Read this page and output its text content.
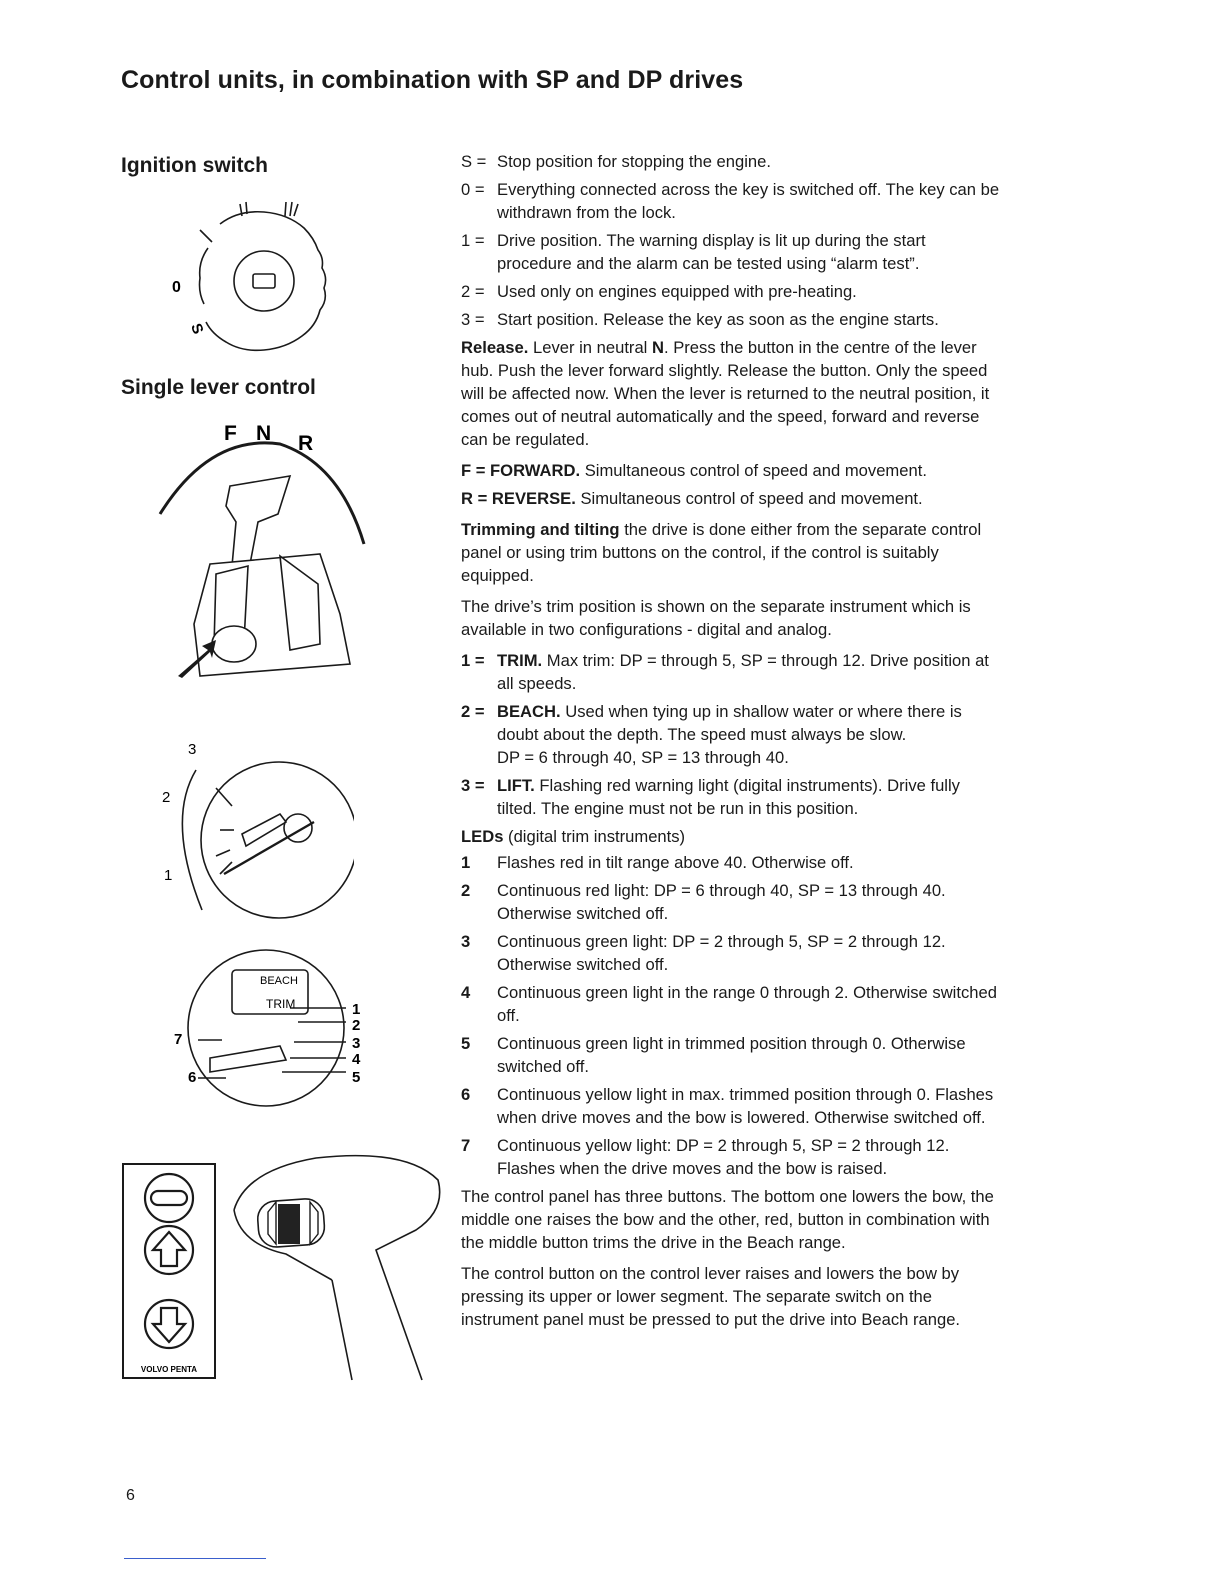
Control units, in combination with SP and DP drives
Ignition switch
0
S
Single lever control
F N R
3
2
1
BEACH
TRIM	1
2
3
4
5
6
7
VOLVO PENTA
S = Stop position for stopping the engine.
0 = Everything connected across the key is switched off. The key can be withdrawn from the lock.
1 = Drive position. The warning display is lit up during the start procedure and the alarm can be tested using “alarm test”.
2 = Used only on engines equipped with pre-heating.
3 = Start position. Release the key as soon as the engine starts.

Release. Lever in neutral N. Press the button in the centre of the lever hub. Push the lever forward slightly. Release the button. Only the speed will be affected now. When the lever is returned to the neutral position, it comes out of neutral automatically and the speed, forward and reverse can be regulated.

F = FORWARD. Simultaneous control of speed and movement.

R = REVERSE. Simultaneous control of speed and movement.

Trimming and tilting the drive is done either from the separate control panel or using trim buttons on the control, if the control is suitably equipped.

The drive’s trim position is shown on the separate instrument which is available in two configurations - digital and analog.

1 = TRIM. Max trim: DP = through 5, SP = through 12. Drive position at all speeds.
2 = BEACH. Used when tying up in shallow water or where there is doubt about the depth. The speed must always be slow.
DP = 6 through 40, SP = 13 through 40.
3 = LIFT. Flashing red warning light (digital instruments). Drive fully tilted. The engine must not be run in this position.

LEDs (digital trim instruments)

1	Flashes red in tilt range above 40. Otherwise off.
2	Continuous red light: DP = 6 through 40, SP = 13 through 40. Otherwise switched off.
3	Continuous green light: DP = 2 through 5, SP = 2 through 12. Otherwise switched off.
4	Continuous green light in the range 0 through 2. Otherwise switched off.
5	Continuous green light in trimmed position through 0. Otherwise switched off.
6	Continuous yellow light in max. trimmed position through 0. Flashes when drive moves and the bow is lowered. Otherwise switched off.
7	Continuous yellow light: DP = 2 through 5, SP = 2 through 12. Flashes when the drive moves and the bow is raised.

The control panel has three buttons. The bottom one lowers the bow, the middle one raises the bow and the other, red, button in combination with the middle button trims the drive in the Beach range.

The control button on the control lever raises and lowers the bow by pressing its upper or lower segment. The separate switch on the instrument panel must be pressed to put the drive into Beach range.

6
